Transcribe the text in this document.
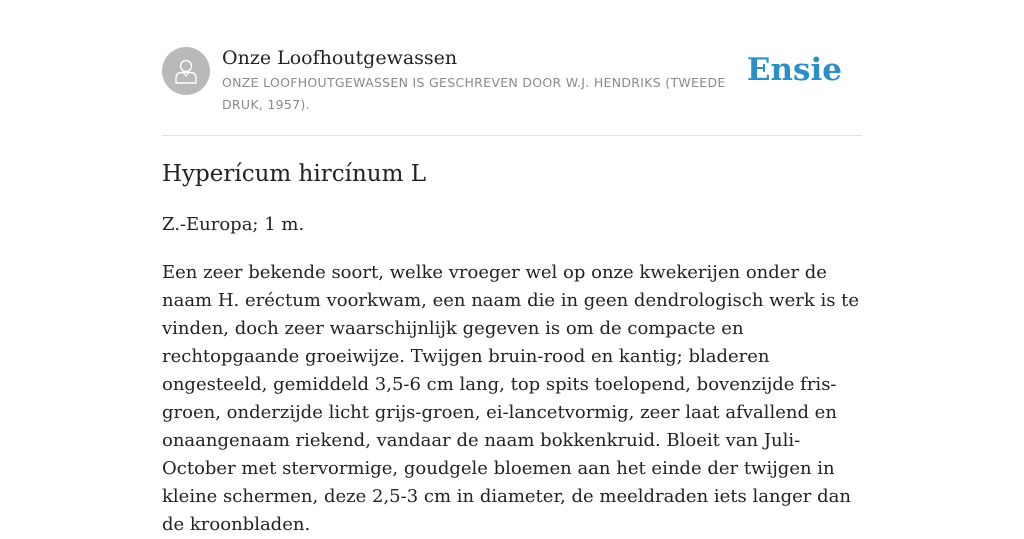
Onze Loofhoutgewassen
ONZE LOOFHOUTGEWASSEN IS GESCHREVEN DOOR W.J. HENDRIKS (TWEEDE DRUK, 1957).
Ensie
Hyperícum hircínum L

Z.-Europa; 1 m.

Een zeer bekende soort, welke vroeger wel op onze kwekerijen onder de naam H. eréctum voorkwam, een naam die in geen dendrologisch werk is te vinden, doch zeer waarschijnlijk gegeven is om de compacte en rechtopgaande groeiwijze. Twijgen bruin-rood en kantig; bladeren ongesteeld, gemiddeld 3,5-6 cm lang, top spits toelopend, bovenzijde fris-groen, onderzijde licht grijs-groen, ei-lancetvormig, zeer laat afvallend en onaangenaam riekend, vandaar de naam bokkenkruid. Bloeit van Juli-October met stervormige, goudgele bloemen aan het einde der twijgen in kleine schermen, deze 2,5-3 cm in diameter, de meeldraden iets langer dan de kroonbladen.
